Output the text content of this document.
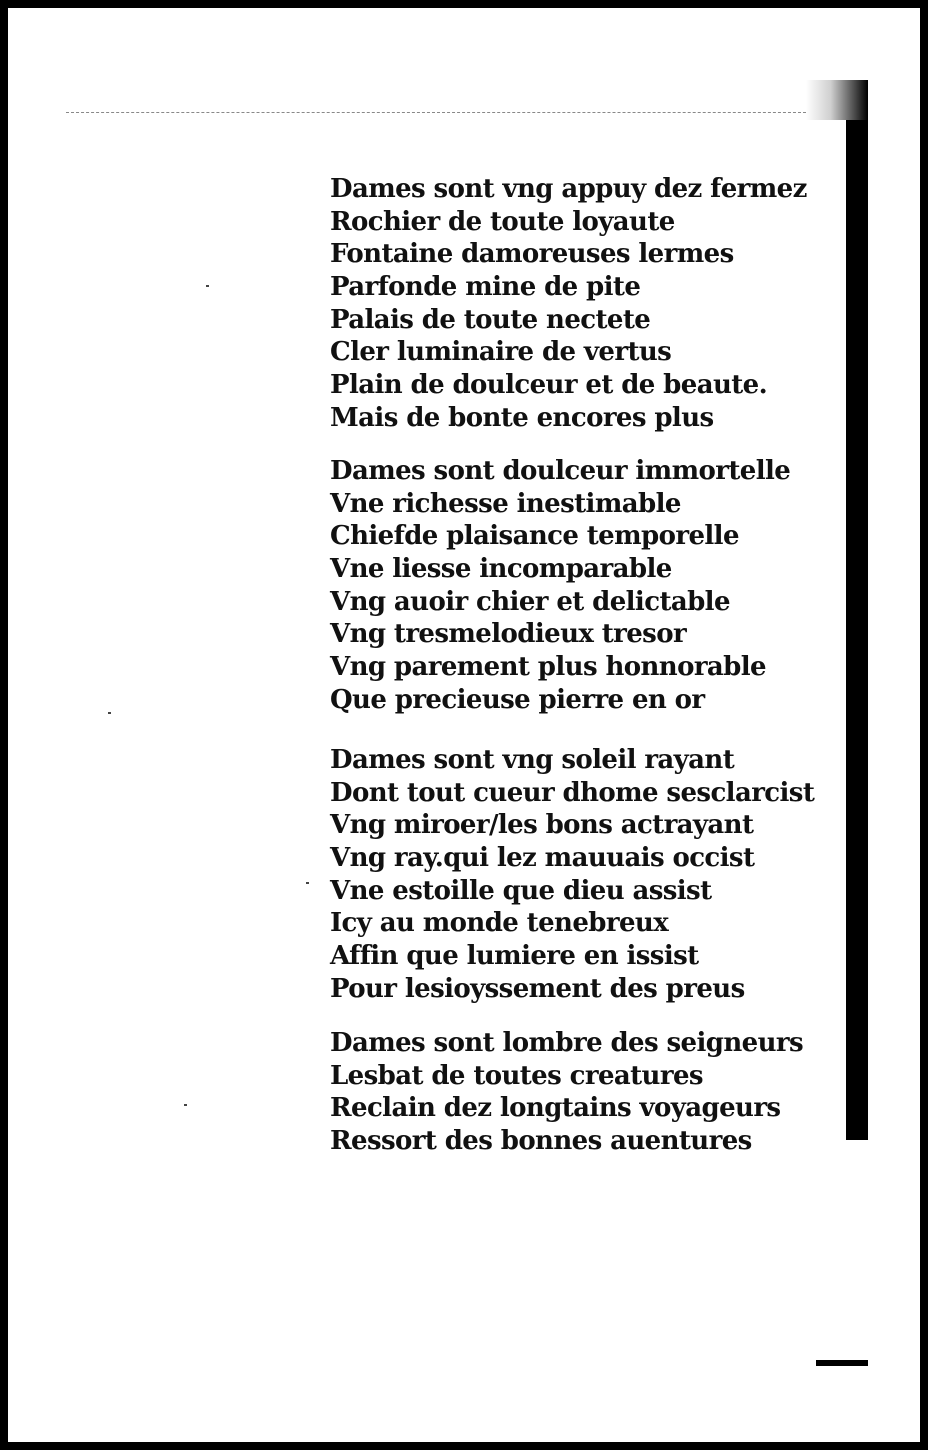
Dames sont vng appuy dez fermez
Rochier de toute loyaute
Fontaine damoreuses lermes
Parfonde mine de pite
Palais de toute nectete
Cler luminaire de vertus
Plain de doulceur et de beaute.
Mais de bonte encores plus
Dames sont doulceur immortelle
Vne richesse inestimable
Chiefde plaisance temporelle
Vne liesse incomparable
Vng auoir chier et delictable
Vng tresmelodieux tresor
Vng parement plus honnorable
Que precieuse pierre en or
Dames sont vng soleil rayant
Dont tout cueur dhome sesclarcist
Vng miroer/les bons actrayant
Vng ray.qui lez mauuais occist
Vne estoille que dieu assist
Icy au monde tenebreux
Affin que lumiere en issist
Pour lesioyssement des preus
Dames sont lombre des seigneurs
Lesbat de toutes creatures
Reclain dez longtains voyageurs
Ressort des bonnes auentures
